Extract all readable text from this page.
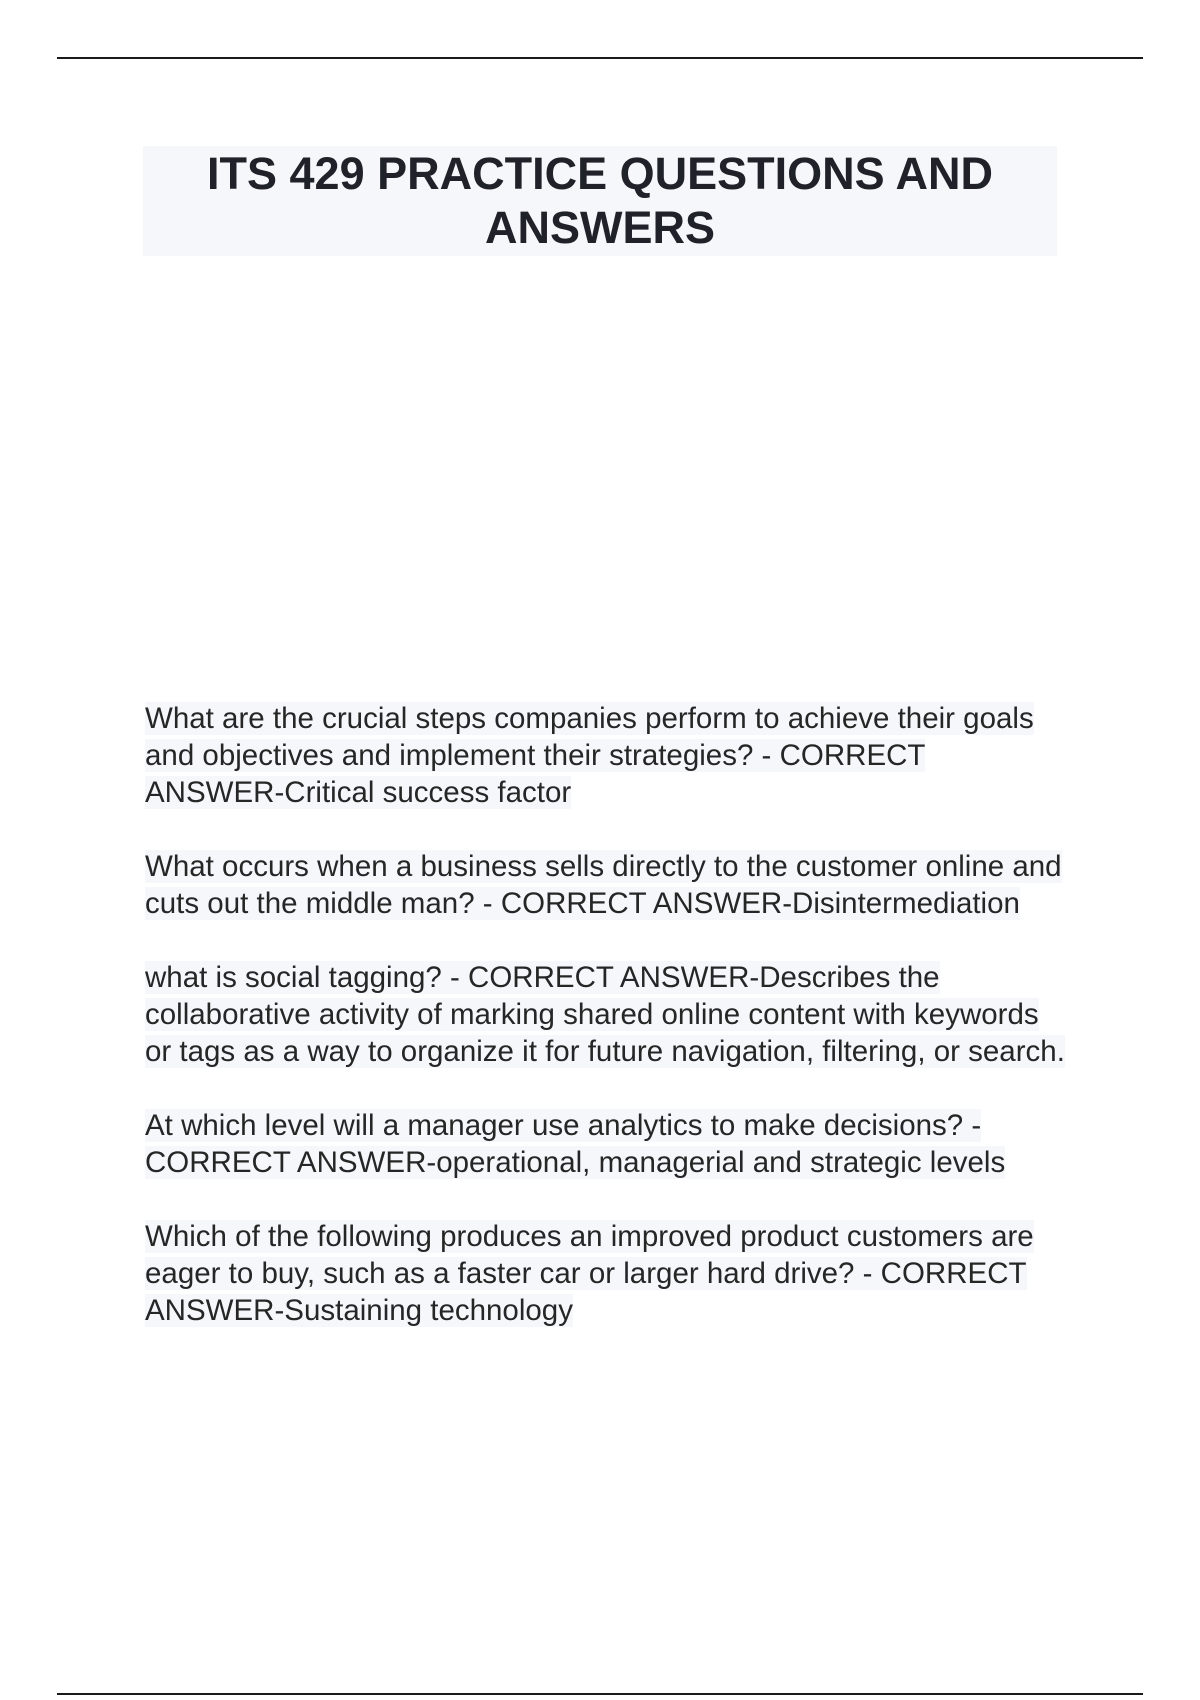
ITS 429 PRACTICE QUESTIONS AND ANSWERS

What are the crucial steps companies perform to achieve their goals and objectives and implement their strategies? - CORRECT ANSWER-Critical success factor

What occurs when a business sells directly to the customer online and cuts out the middle man? - CORRECT ANSWER-Disintermediation

what is social tagging? - CORRECT ANSWER-Describes the collaborative activity of marking shared online content with keywords or tags as a way to organize it for future navigation, filtering, or search.

At which level will a manager use analytics to make decisions? - CORRECT ANSWER-operational, managerial and strategic levels

Which of the following produces an improved product customers are eager to buy, such as a faster car or larger hard drive? - CORRECT ANSWER-Sustaining technology
